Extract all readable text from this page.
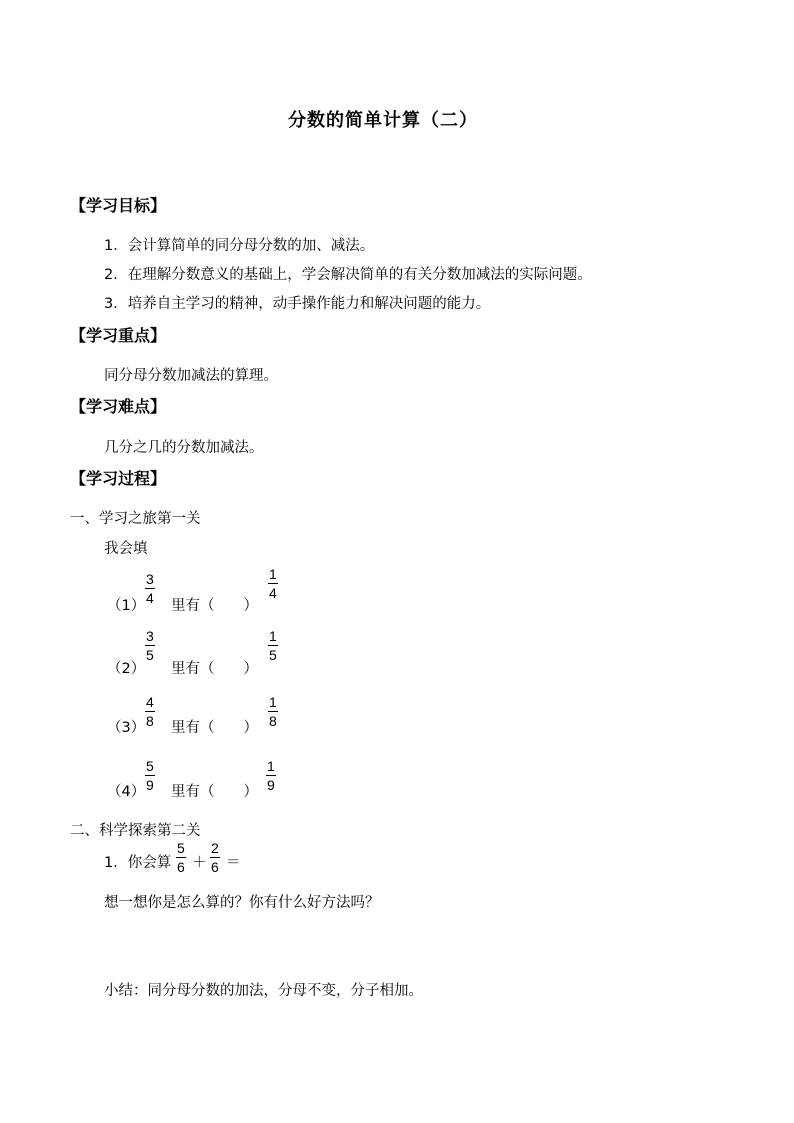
分数的简单计算（二）
【学习目标】
1．会计算简单的同分母分数的加、减法。
2．在理解分数意义的基础上，学会解决简单的有关分数加减法的实际问题。
3．培养自主学习的精神，动手操作能力和解决问题的能力。
【学习重点】
同分母分数加减法的算理。
【学习难点】
几分之几的分数加减法。
【学习过程】
一、学习之旅第一关
我会填
（1）
3
4 里有（　　）
1
4
（2）
3
5
里有（　　）
1
5
（3）
4
8 里有（　　）
1
8
（4）
5
9 里有（　　）
1
9
二、科学探索第二关
1．你会算
5
6 ＋
2
6 ＝
想一想你是怎么算的？你有什么好方法吗？
小结：同分母分数的加法，分母不变，分子相加。
